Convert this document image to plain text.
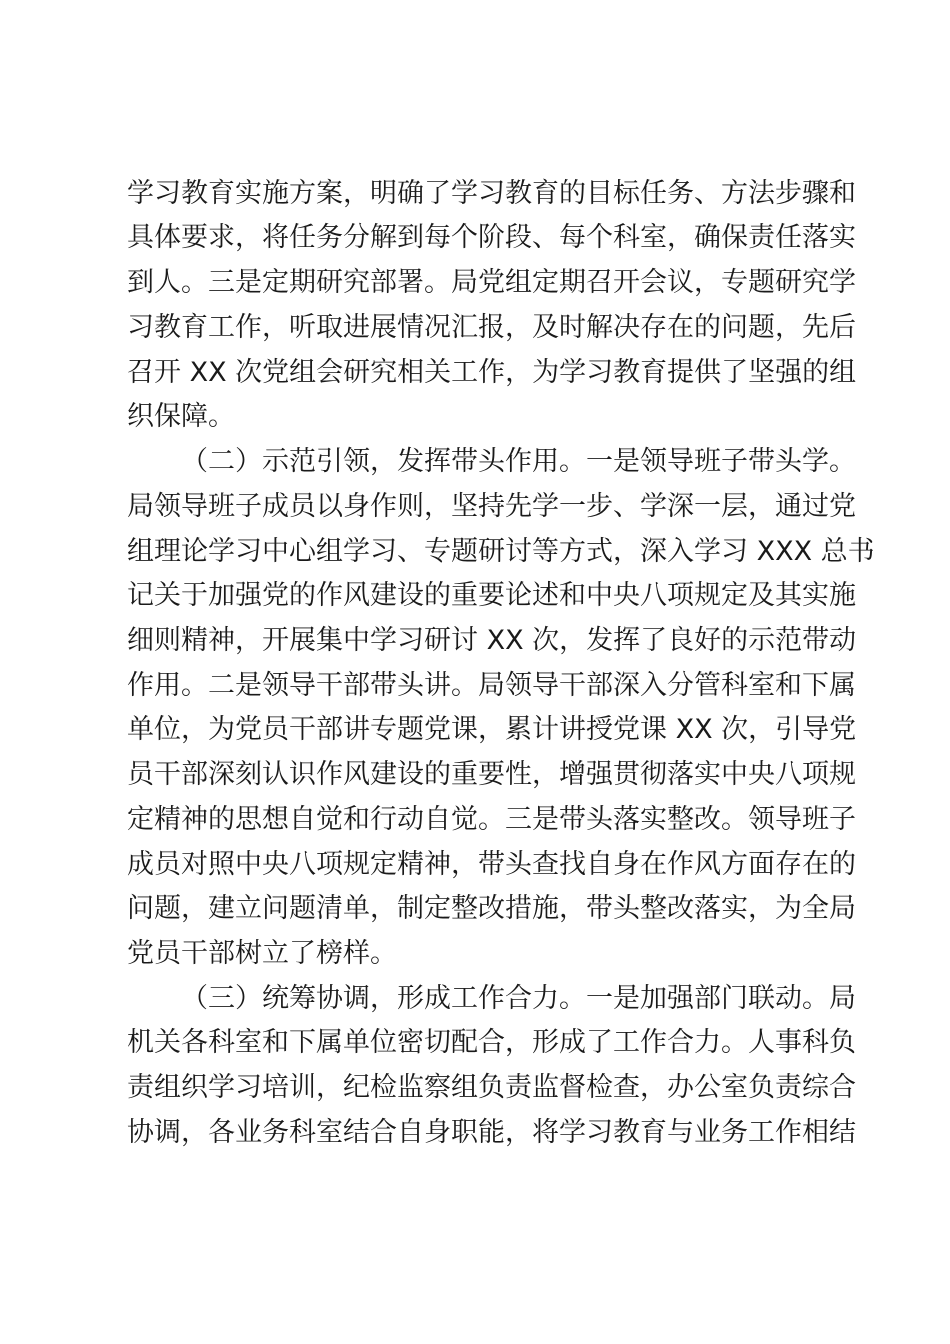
学习教育实施方案，明确了学习教育的目标任务、方法步骤和
具体要求，将任务分解到每个阶段、每个科室，确保责任落实
到人。三是定期研究部署。局党组定期召开会议，专题研究学
习教育工作，听取进展情况汇报，及时解决存在的问题，先后
召开 XX 次党组会研究相关工作，为学习教育提供了坚强的组
织保障。
（二）示范引领，发挥带头作用。一是领导班子带头学。
局领导班子成员以身作则，坚持先学一步、学深一层，通过党
组理论学习中心组学习、专题研讨等方式，深入学习 XXX 总书
记关于加强党的作风建设的重要论述和中央八项规定及其实施
细则精神，开展集中学习研讨 XX 次，发挥了良好的示范带动
作用。二是领导干部带头讲。局领导干部深入分管科室和下属
单位，为党员干部讲专题党课，累计讲授党课 XX 次，引导党
员干部深刻认识作风建设的重要性，增强贯彻落实中央八项规
定精神的思想自觉和行动自觉。三是带头落实整改。领导班子
成员对照中央八项规定精神，带头查找自身在作风方面存在的
问题，建立问题清单，制定整改措施，带头整改落实，为全局
党员干部树立了榜样。
（三）统筹协调，形成工作合力。一是加强部门联动。局
机关各科室和下属单位密切配合，形成了工作合力。人事科负
责组织学习培训，纪检监察组负责监督检查，办公室负责综合
协调，各业务科室结合自身职能，将学习教育与业务工作相结
